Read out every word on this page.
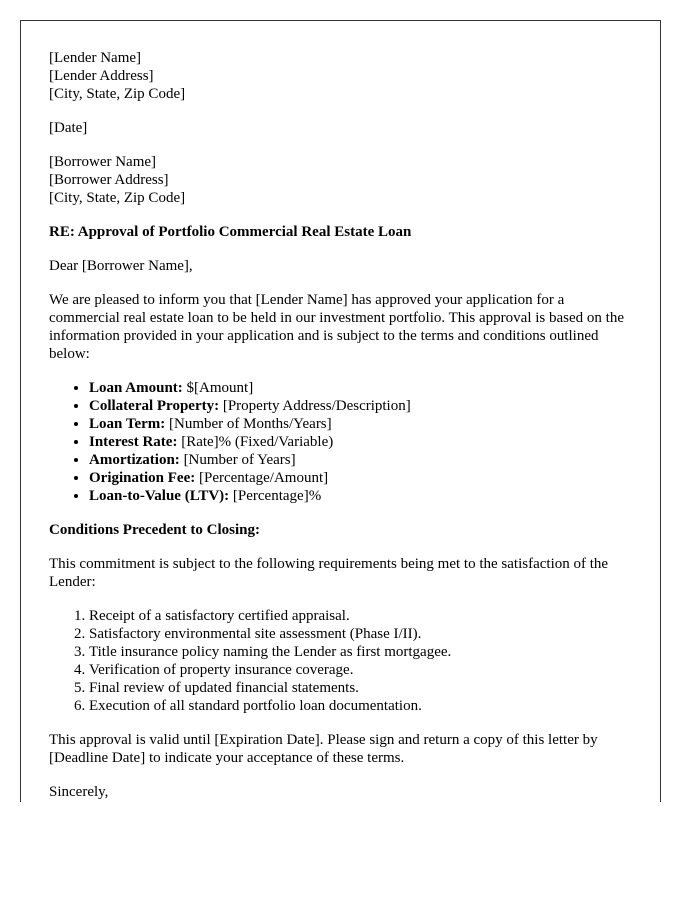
[Lender Name]
[Lender Address]
[City, State, Zip Code]

[Date]

[Borrower Name]
[Borrower Address]
[City, State, Zip Code]

RE: Approval of Portfolio Commercial Real Estate Loan

Dear [Borrower Name],

We are pleased to inform you that [Lender Name] has approved your application for a commercial real estate loan to be held in our investment portfolio. This approval is based on the information provided in your application and is subject to the terms and conditions outlined below:

• Loan Amount: $[Amount]
• Collateral Property: [Property Address/Description]
• Loan Term: [Number of Months/Years]
• Interest Rate: [Rate]% (Fixed/Variable)
• Amortization: [Number of Years]
• Origination Fee: [Percentage/Amount]
• Loan-to-Value (LTV): [Percentage]%

Conditions Precedent to Closing:

This commitment is subject to the following requirements being met to the satisfaction of the Lender:

1. Receipt of a satisfactory certified appraisal.
2. Satisfactory environmental site assessment (Phase I/II).
3. Title insurance policy naming the Lender as first mortgagee.
4. Verification of property insurance coverage.
5. Final review of updated financial statements.
6. Execution of all standard portfolio loan documentation.

This approval is valid until [Expiration Date]. Please sign and return a copy of this letter by [Deadline Date] to indicate your acceptance of these terms.

Sincerely,
